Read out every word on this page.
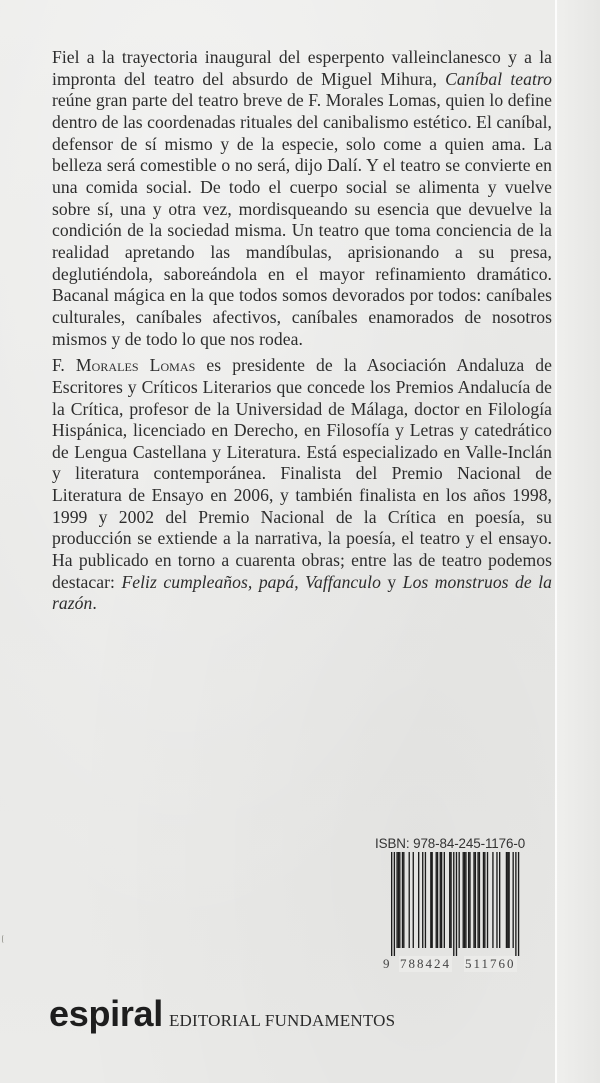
Fiel a la trayectoria inaugural del esperpento valleinclanesco y a la impronta del teatro del absurdo de Miguel Mihura, Caníbal teatro reúne gran parte del teatro breve de F. Morales Lomas, quien lo define dentro de las coordenadas rituales del canibalismo estético. El caníbal, defensor de sí mismo y de la especie, solo come a quien ama. La belleza será comestible o no será, dijo Dalí. Y el teatro se convierte en una comida social. De todo el cuerpo social se alimenta y vuelve sobre sí, una y otra vez, mordisqueando su esencia que devuelve la condición de la sociedad misma. Un teatro que toma conciencia de la realidad apretando las mandíbulas, aprisionando a su presa, deglutiéndola, saboreándola en el mayor refinamiento dramático. Bacanal mágica en la que todos somos devorados por todos: caníbales culturales, caníbales afectivos, caníbales enamorados de nosotros mismos y de todo lo que nos rodea.

F. Morales Lomas es presidente de la Asociación Andaluza de Escritores y Críticos Literarios que concede los Premios Andalucía de la Crítica, profesor de la Universidad de Málaga, doctor en Filología Hispánica, licenciado en Derecho, en Filosofía y Letras y catedrático de Lengua Castellana y Literatura. Está especializado en Valle-Inclán y literatura contemporánea. Finalista del Premio Nacional de Literatura de Ensayo en 2006, y también finalista en los años 1998, 1999 y 2002 del Premio Nacional de la Crítica en poesía, su producción se extiende a la narrativa, la poesía, el teatro y el ensayo. Ha publicado en torno a cuarenta obras; entre las de teatro podemos destacar: Feliz cumpleaños, papá, Vaffanculo y Los monstruos de la razón.

ISBN: 978-84-245-1176-0
9 788424 511760
espiral EDITORIAL FUNDAMENTOS
